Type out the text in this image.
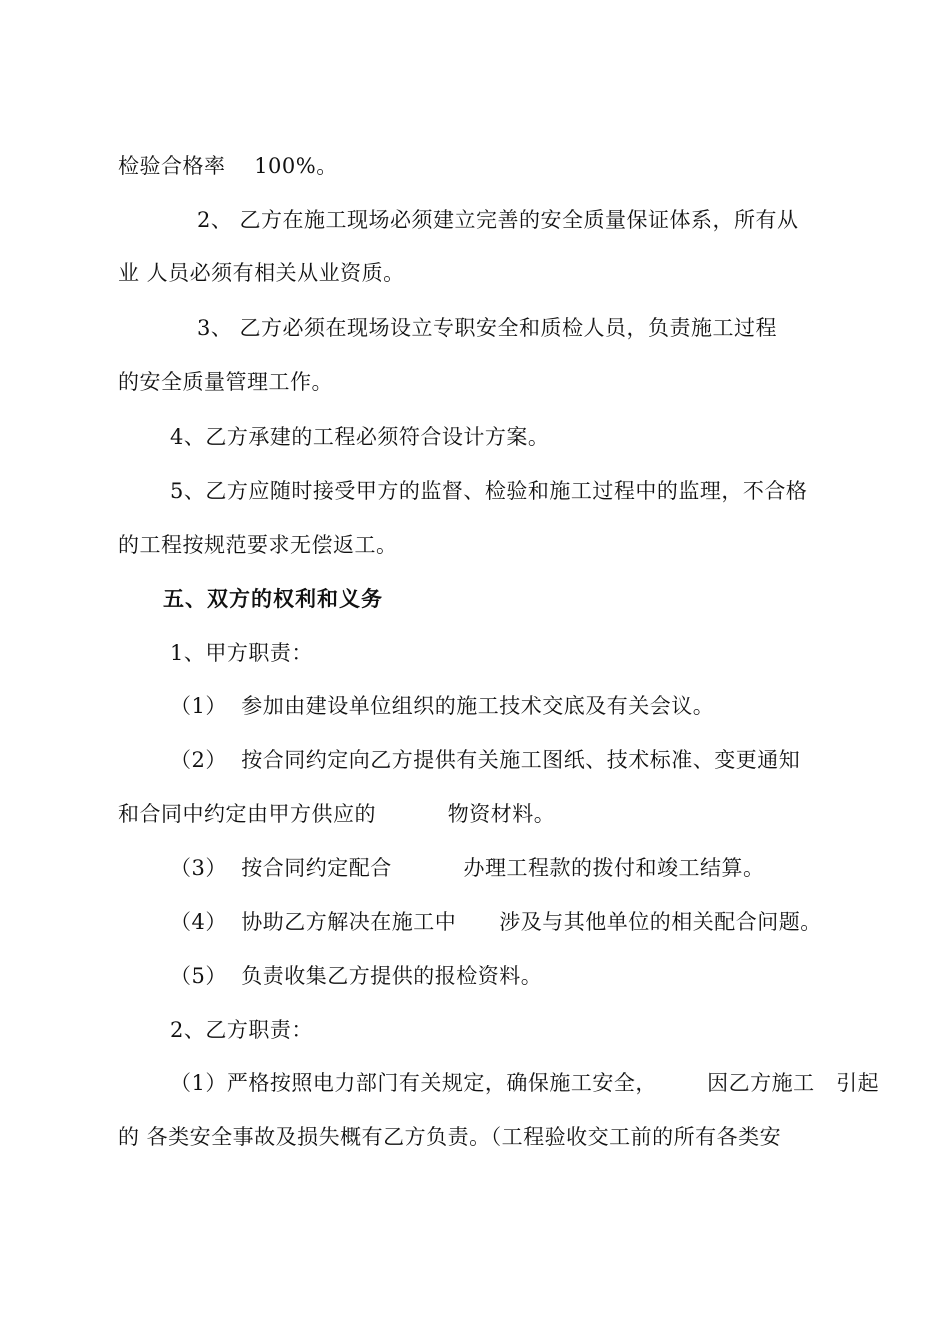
检验合格率    100%。
2、 乙方在施工现场必须建立完善的安全质量保证体系，所有从
业 人员必须有相关从业资质。
3、 乙方必须在现场设立专职安全和质检人员，负责施工过程
的安全质量管理工作。
4、乙方承建的工程必须符合设计方案。
5、乙方应随时接受甲方的监督、检验和施工过程中的监理，不合格
的工程按规范要求无偿返工。
五、双方的权利和义务
1、甲方职责：
（1）  参加由建设单位组织的施工技术交底及有关会议。
（2）  按合同约定向乙方提供有关施工图纸、技术标准、变更通知
和合同中约定由甲方供应的          物资材料。
（3）  按合同约定配合          办理工程款的拨付和竣工结算。
（4）  协助乙方解决在施工中      涉及与其他单位的相关配合问题。
（5）  负责收集乙方提供的报检资料。
2、乙方职责：
（1）严格按照电力部门有关规定，确保施工安全，       因乙方施工   引起
的 各类安全事故及损失概有乙方负责。（工程验收交工前的所有各类安
